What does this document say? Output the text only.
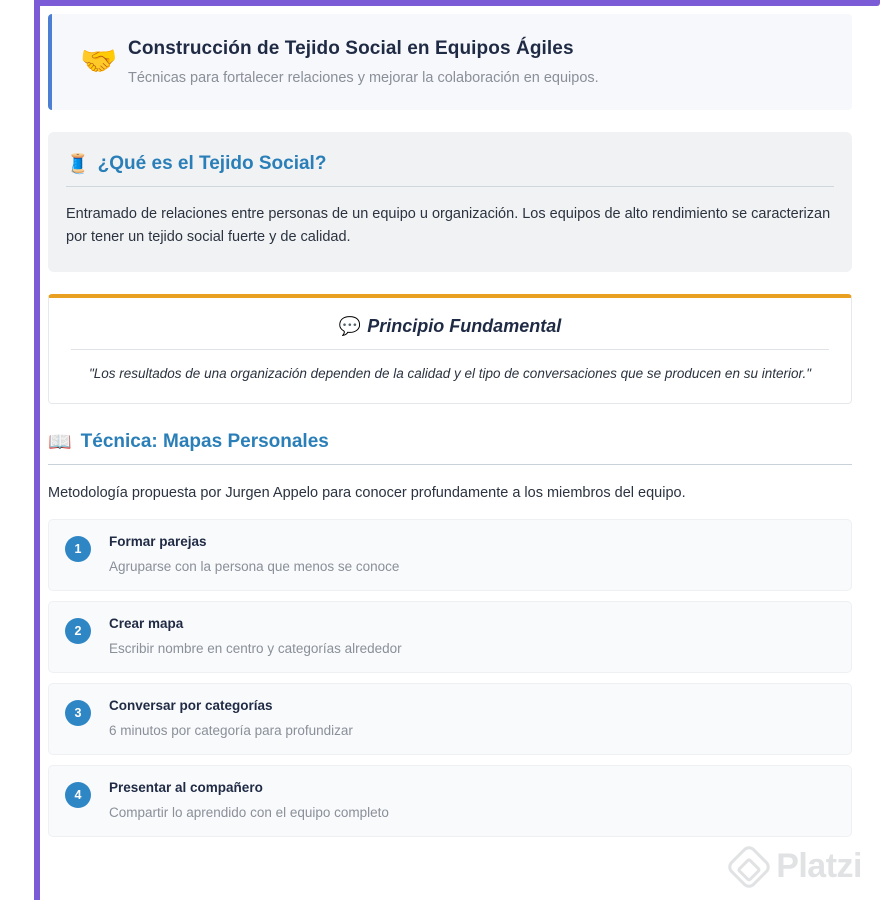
🤝 Construcción de Tejido Social en Equipos Ágiles
Técnicas para fortalecer relaciones y mejorar la colaboración en equipos.
🧵 ¿Qué es el Tejido Social?

Entramado de relaciones entre personas de un equipo u organización. Los equipos de alto rendimiento se caracterizan por tener un tejido social fuerte y de calidad.

💬 Principio Fundamental

"Los resultados de una organización dependen de la calidad y el tipo de conversaciones que se producen en su interior."

📖 Técnica: Mapas Personales

Metodología propuesta por Jurgen Appelo para conocer profundamente a los miembros del equipo.

1	Formar parejas
Agruparse con la persona que menos se conoce
2	Crear mapa
Escribir nombre en centro y categorías alrededor
3	Conversar por categorías
6 minutos por categoría para profundizar
4	Presentar al compañero
Compartir lo aprendido con el equipo completo
Platzi
